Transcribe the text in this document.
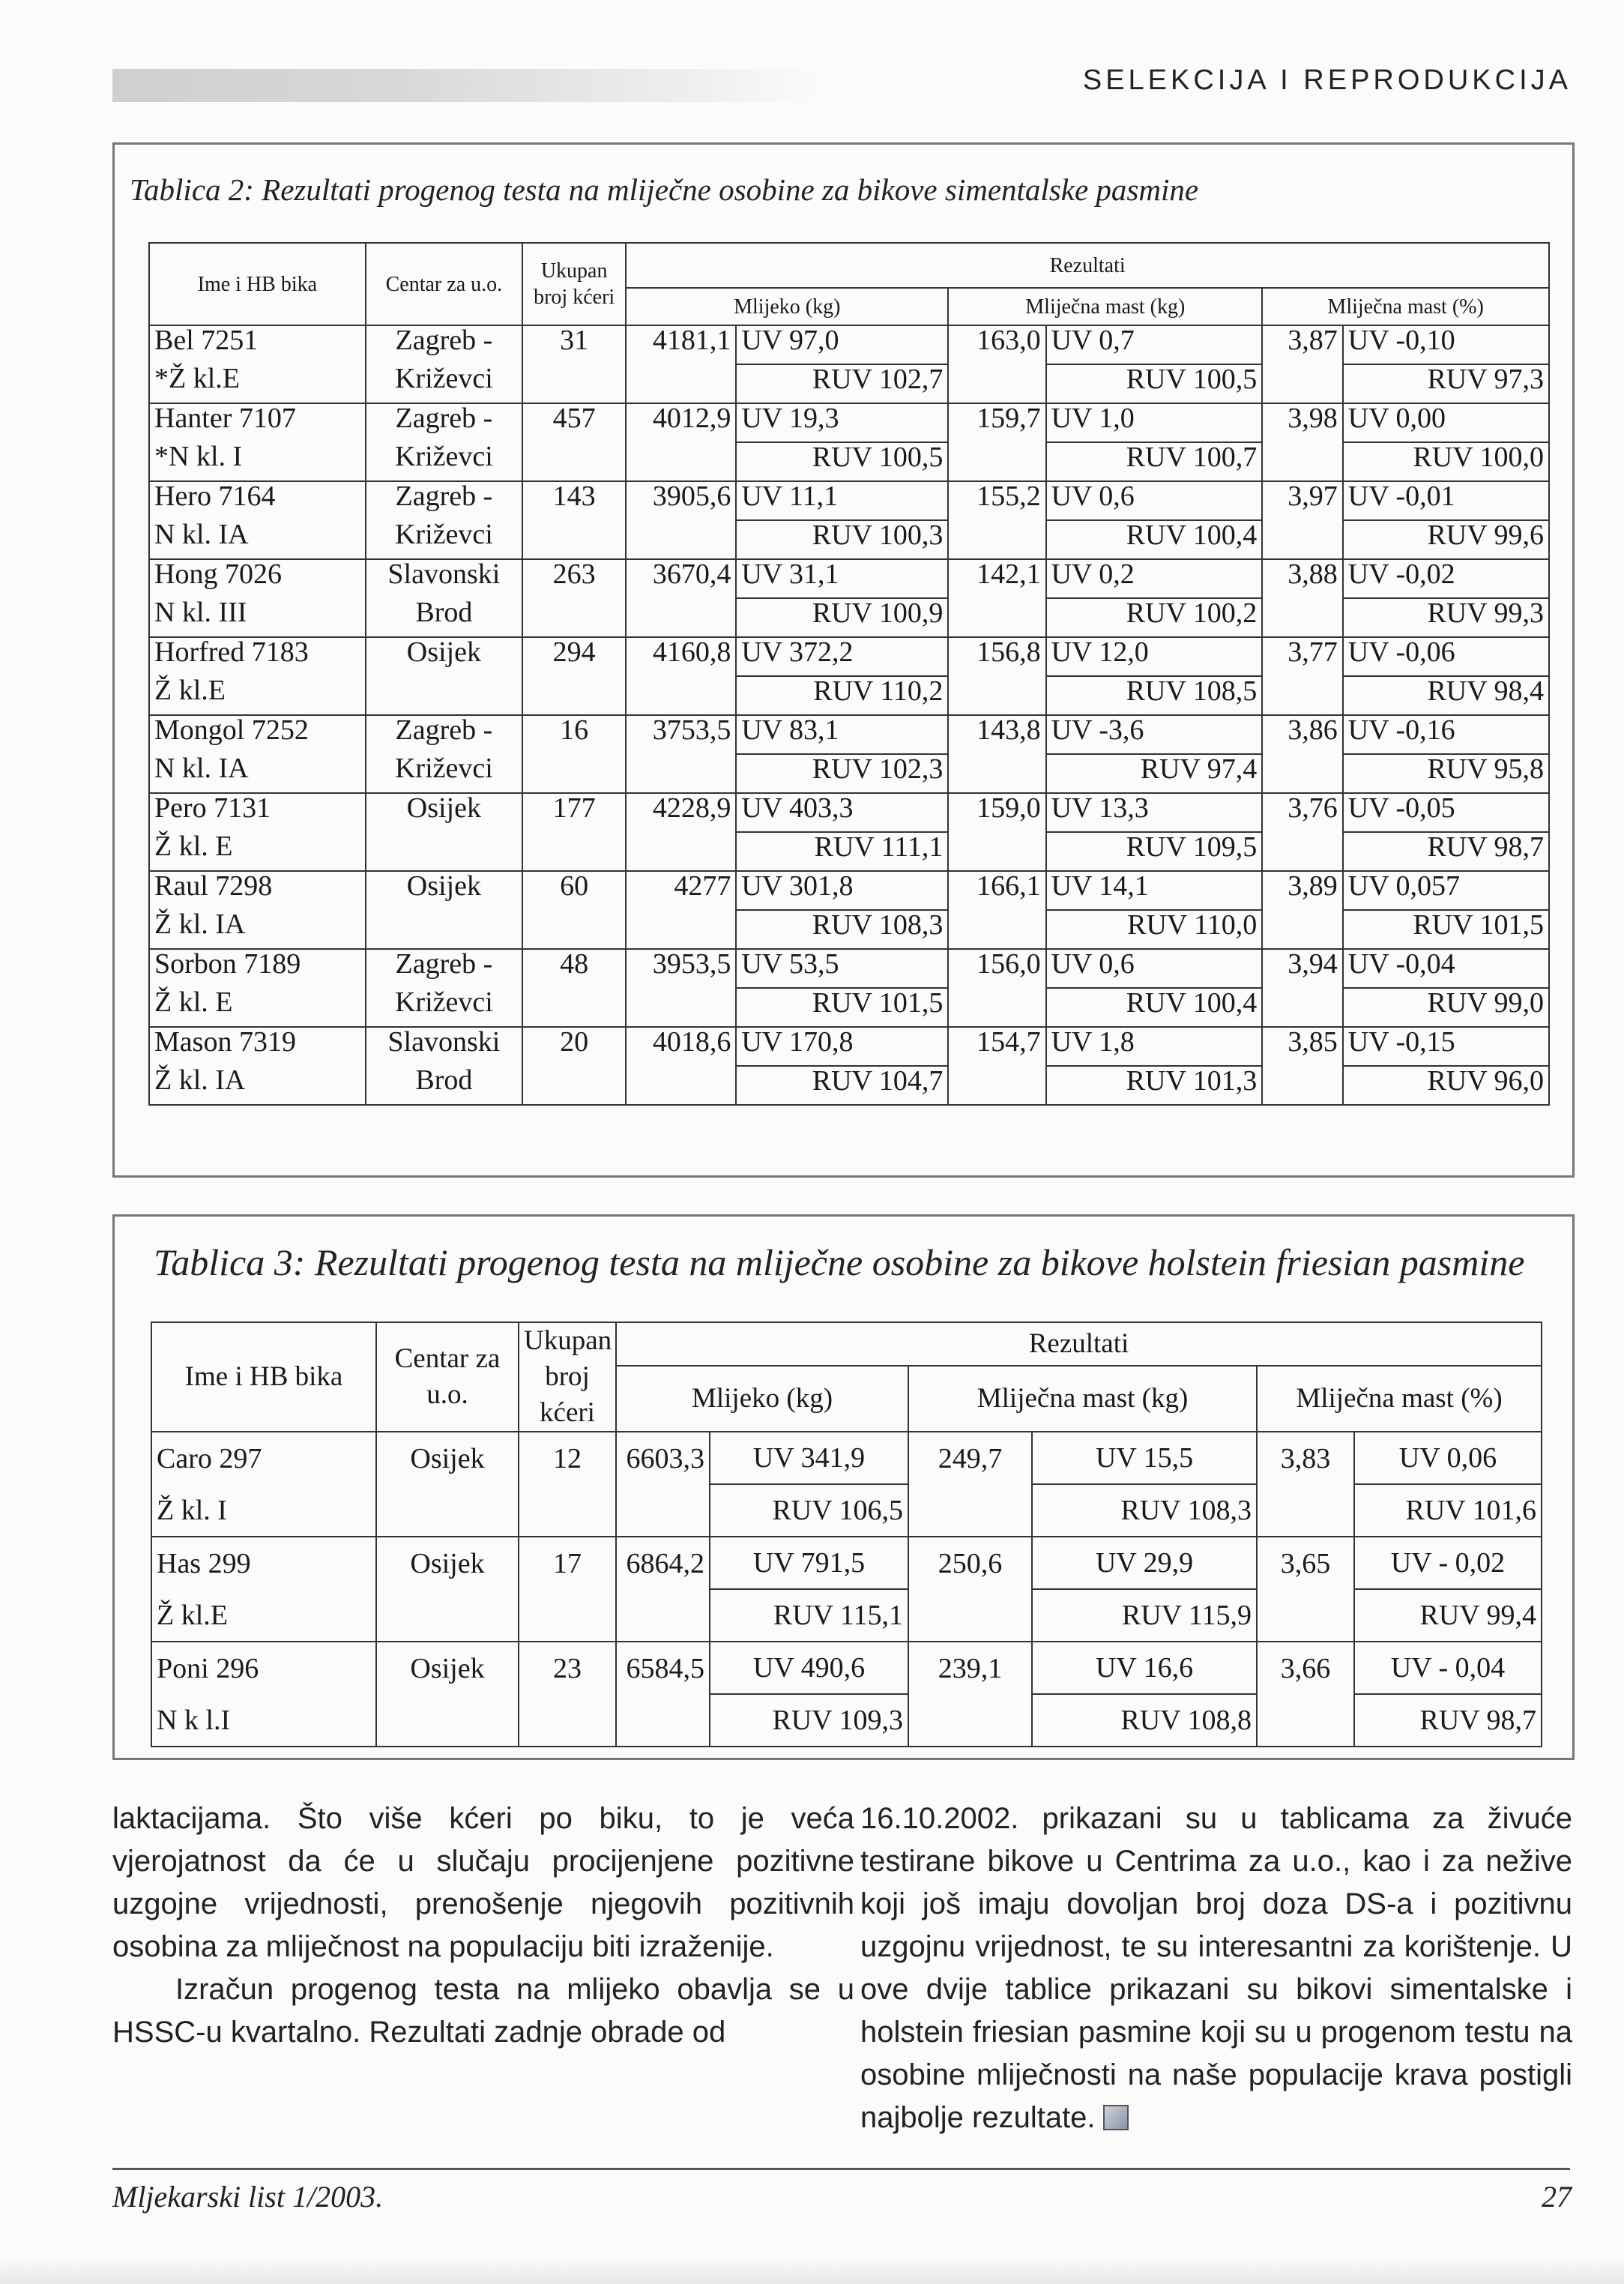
SELEKCIJA I REPRODUKCIJA
Tablica 2: Rezultati progenog testa na mliječne osobine za bikove simentalske pasmine
Ime i HB bika	Centar za u.o.	Ukupan broj kćeri	Rezultati					
			Mlijeko (kg)		Mliječna mast (kg)		Mliječna mast (%)	
Bel 7251	Zagreb -	31	4181,1	UV 97,0	163,0	UV 0,7	3,87	UV -0,10
*Ž kl.E	Križevci			RUV 102,7		RUV 100,5		RUV 97,3
Hanter 7107	Zagreb -	457	4012,9	UV 19,3	159,7	UV 1,0	3,98	UV 0,00
*N kl. I	Križevci			RUV 100,5		RUV 100,7		RUV 100,0
Hero 7164	Zagreb -	143	3905,6	UV 11,1	155,2	UV 0,6	3,97	UV -0,01
N kl. IA	Križevci			RUV 100,3		RUV 100,4		RUV 99,6
Hong 7026	Slavonski	263	3670,4	UV 31,1	142,1	UV 0,2	3,88	UV -0,02
N kl. III	Brod			RUV 100,9		RUV 100,2		RUV 99,3
Horfred 7183	Osijek	294	4160,8	UV 372,2	156,8	UV 12,0	3,77	UV -0,06
Ž kl.E				RUV 110,2		RUV 108,5		RUV 98,4
Mongol 7252	Zagreb -	16	3753,5	UV 83,1	143,8	UV -3,6	3,86	UV -0,16
N kl. IA	Križevci			RUV 102,3		RUV 97,4		RUV 95,8
Pero 7131	Osijek	177	4228,9	UV 403,3	159,0	UV 13,3	3,76	UV -0,05
Ž kl. E				RUV 111,1		RUV 109,5		RUV 98,7
Raul 7298	Osijek	60	4277	UV 301,8	166,1	UV 14,1	3,89	UV 0,057
Ž kl. IA				RUV 108,3		RUV 110,0		RUV 101,5
Sorbon 7189	Zagreb -	48	3953,5	UV 53,5	156,0	UV 0,6	3,94	UV -0,04
Ž kl. E	Križevci			RUV 101,5		RUV 100,4		RUV 99,0
Mason 7319	Slavonski	20	4018,6	UV 170,8	154,7	UV 1,8	3,85	UV -0,15
Ž kl. IA	Brod			RUV 104,7		RUV 101,3		RUV 96,0
Tablica 3: Rezultati progenog testa na mliječne osobine za bikove holstein friesian pasmine
Ime i HB bika	Centar za u.o.	Ukupan broj kćeri	Rezultati					
			Mlijeko (kg)		Mliječna mast (kg)		Mliječna mast (%)	
Caro 297	Osijek	12	6603,3	UV 341,9	249,7	UV 15,5	3,83	UV 0,06
Ž kl. I				RUV 106,5		RUV 108,3		RUV 101,6
Has 299	Osijek	17	6864,2	UV 791,5	250,6	UV 29,9	3,65	UV - 0,02
Ž kl.E				RUV 115,1		RUV 115,9		RUV 99,4
Poni 296	Osijek	23	6584,5	UV 490,6	239,1	UV 16,6	3,66	UV - 0,04
N k l.I				RUV 109,3		RUV 108,8		RUV 98,7

laktacijama. Što više kćeri po biku, to je veća vjerojatnost da će u slučaju procijenjene pozitivne uzgojne vrijednosti, prenošenje njegovih pozitivnih osobina za mliječnost na populaciju biti izraženije.

Izračun progenog testa na mlijeko obavlja se u HSSC-u kvartalno. Rezultati zadnje obrade od

16.10.2002. prikazani su u tablicama za živuće testirane bikove u Centrima za u.o., kao i za nežive koji još imaju dovoljan broj doza DS-a i pozitivnu uzgojnu vrijednost, te su interesantni za korištenje. U ove dvije tablice prikazani su bikovi simentalske i holstein friesian pasmine koji su u progenom testu na osobine mliječnosti na naše populacije krava postigli najbolje rezultate.

Mljekarski list 1/2003.	27
